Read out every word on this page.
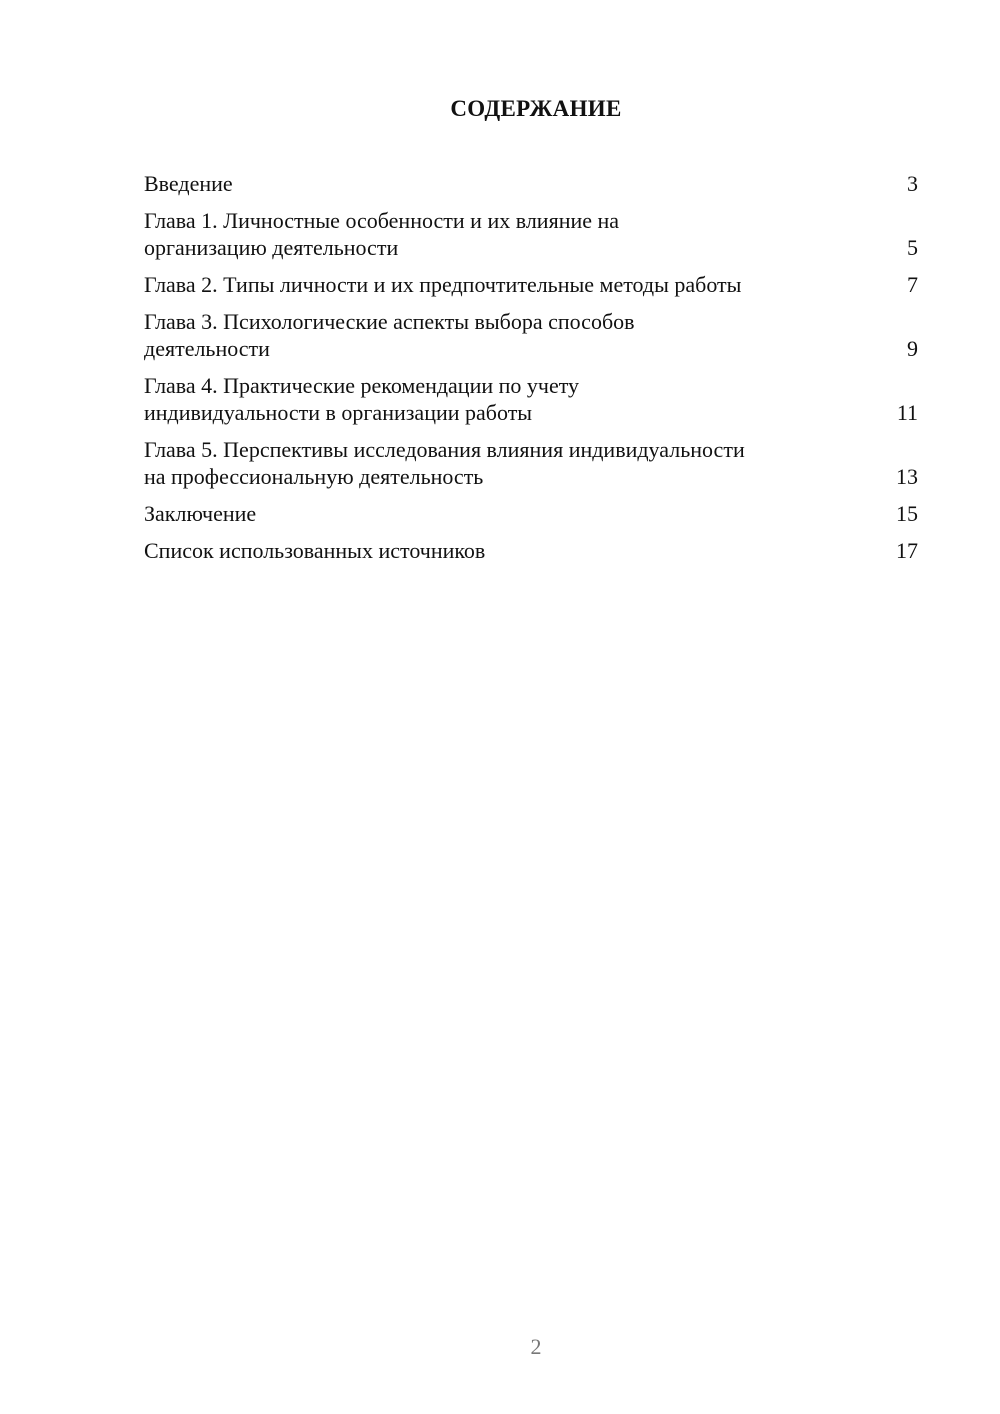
СОДЕРЖАНИЕ
Введение	3
Глава 1. Личностные особенности и их влияние на
организацию деятельности	5
Глава 2. Типы личности и их предпочтительные методы работы	7
Глава 3. Психологические аспекты выбора способов
деятельности	9
Глава 4. Практические рекомендации по учету
индивидуальности в организации работы	11
Глава 5. Перспективы исследования влияния индивидуальности
на профессиональную деятельность	13
Заключение	15
Список использованных источников	17
2
